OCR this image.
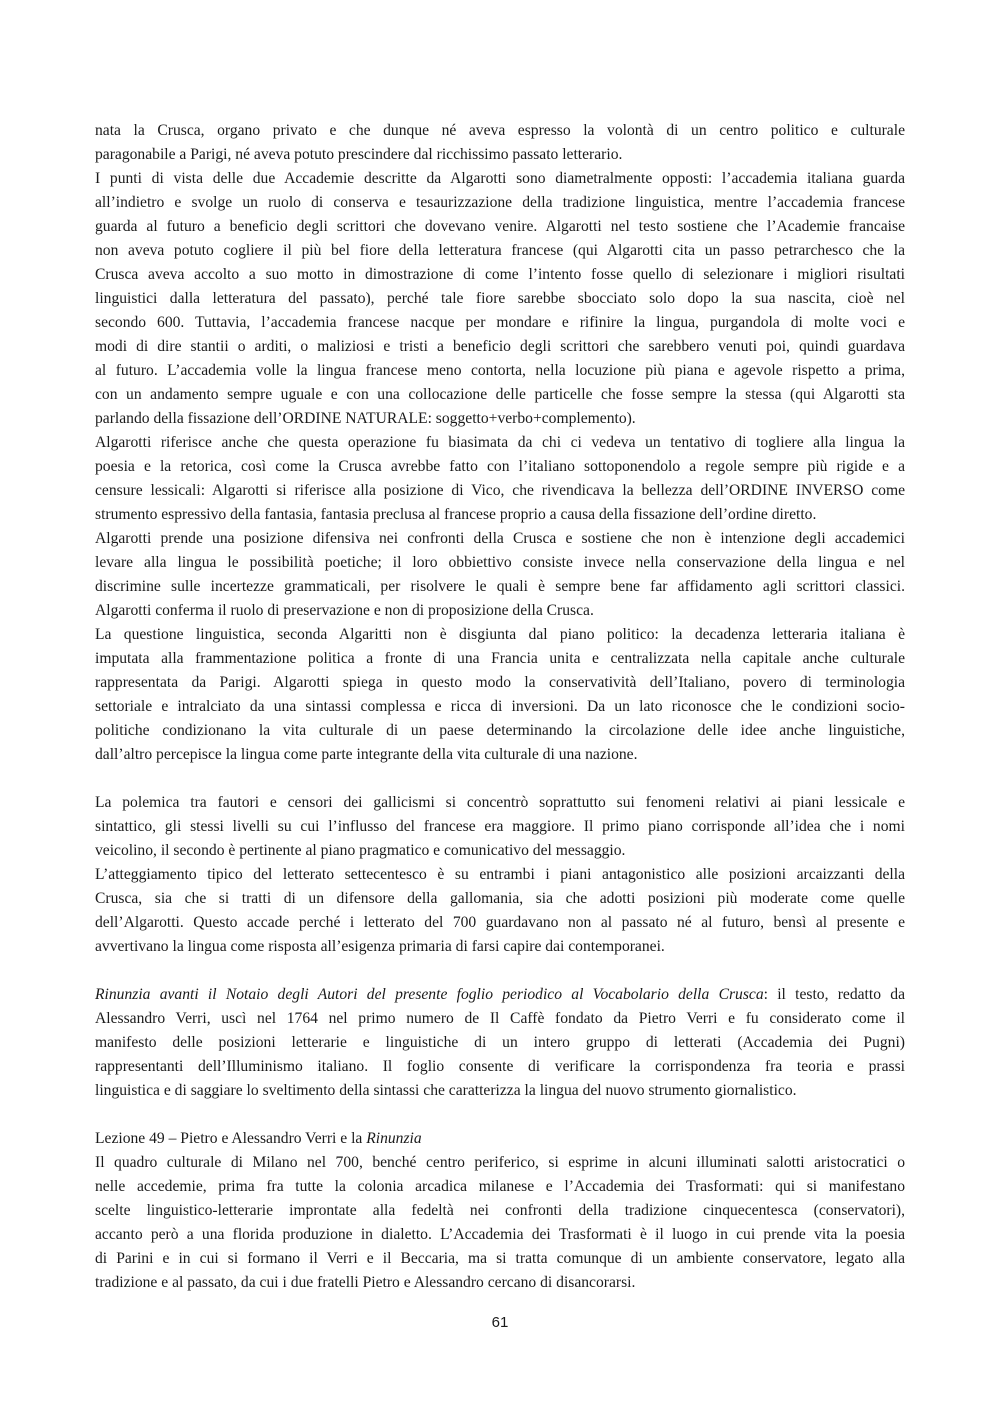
nata la Crusca, organo privato e che dunque né aveva espresso la volontà di un centro politico e culturale
paragonabile a Parigi, né aveva potuto prescindere dal ricchissimo passato letterario.
I punti di vista delle due Accademie descritte da Algarotti sono diametralmente opposti: l’accademia italiana guarda
all’indietro e svolge un ruolo di conserva e tesaurizzazione della tradizione linguistica, mentre l’accademia francese
guarda al futuro a beneficio degli scrittori che dovevano venire. Algarotti nel testo sostiene che l’Academie francaise
non aveva potuto cogliere il più bel fiore della letteratura francese (qui Algarotti cita un passo petrarchesco che la
Crusca aveva accolto a suo motto in dimostrazione di come l’intento fosse quello di selezionare i migliori risultati
linguistici dalla letteratura del passato), perché tale fiore sarebbe sbocciato solo dopo la sua nascita, cioè nel
secondo 600. Tuttavia, l’accademia francese nacque per mondare e rifinire la lingua, purgandola di molte voci e
modi di dire stantii o arditi, o maliziosi e tristi a beneficio degli scrittori che sarebbero venuti poi, quindi guardava
al futuro. L’accademia volle la lingua francese meno contorta, nella locuzione più piana e agevole rispetto a prima,
con un andamento sempre uguale e con una collocazione delle particelle che fosse sempre la stessa (qui Algarotti sta
parlando della fissazione dell’ORDINE NATURALE: soggetto+verbo+complemento).
Algarotti riferisce anche che questa operazione fu biasimata da chi ci vedeva un tentativo di togliere alla lingua la
poesia e la retorica, così come la Crusca avrebbe fatto con l’italiano sottoponendolo a regole sempre più rigide e a
censure lessicali: Algarotti si riferisce alla posizione di Vico, che rivendicava la bellezza dell’ORDINE INVERSO come
strumento espressivo della fantasia, fantasia preclusa al francese proprio a causa della fissazione dell’ordine diretto.
Algarotti prende una posizione difensiva nei confronti della Crusca e sostiene che non è intenzione degli accademici
levare alla lingua le possibilità poetiche; il loro obbiettivo consiste invece nella conservazione della lingua e nel
discrimine sulle incertezze grammaticali, per risolvere le quali è sempre bene far affidamento agli scrittori classici.
Algarotti conferma il ruolo di preservazione e non di proposizione della Crusca.
La questione linguistica, seconda Algaritti non è disgiunta dal piano politico: la decadenza letteraria italiana è
imputata alla frammentazione politica a fronte di una Francia unita e centralizzata nella capitale anche culturale
rappresentata da Parigi. Algarotti spiega in questo modo la conservatività dell’Italiano, povero di terminologia
settoriale e intralciato da una sintassi complessa e ricca di inversioni. Da un lato riconosce che le condizioni socio-
politiche condizionano la vita culturale di un paese determinando la circolazione delle idee anche linguistiche,
dall’altro percepisce la lingua come parte integrante della vita culturale di una nazione.
La polemica tra fautori e censori dei gallicismi si concentrò soprattutto sui fenomeni relativi ai piani lessicale e
sintattico, gli stessi livelli su cui l’influsso del francese era maggiore. Il primo piano corrisponde all’idea che i nomi
veicolino, il secondo è pertinente al piano pragmatico e comunicativo del messaggio.
L’atteggiamento tipico del letterato settecentesco è su entrambi i piani antagonistico alle posizioni arcaizzanti della
Crusca, sia che si tratti di un difensore della gallomania, sia che adotti posizioni più moderate come quelle
dell’Algarotti. Questo accade perché i letterato del 700 guardavano non al passato né al futuro, bensì al presente e
avvertivano la lingua come risposta all’esigenza primaria di farsi capire dai contemporanei.
Rinunzia avanti il Notaio degli Autori del presente foglio periodico al Vocabolario della Crusca: il testo, redatto da
Alessandro Verri, uscì nel 1764 nel primo numero de Il Caffè fondato da Pietro Verri e fu considerato come il
manifesto delle posizioni letterarie e linguistiche di un intero gruppo di letterati (Accademia dei Pugni)
rappresentanti dell’Illuminismo italiano. Il foglio consente di verificare la corrispondenza fra teoria e prassi
linguistica e di saggiare lo sveltimento della sintassi che caratterizza la lingua del nuovo strumento giornalistico.
Lezione 49 – Pietro e Alessandro Verri e la Rinunzia
Il quadro culturale di Milano nel 700, benché centro periferico, si esprime in alcuni illuminati salotti aristocratici o
nelle accedemie, prima fra tutte la colonia arcadica milanese e l’Accademia dei Trasformati: qui si manifestano
scelte linguistico-letterarie improntate alla fedeltà nei confronti della tradizione cinquecentesca (conservatori),
accanto però a una florida produzione in dialetto. L’Accademia dei Trasformati è il luogo in cui prende vita la poesia
di Parini e in cui si formano il Verri e il Beccaria, ma si tratta comunque di un ambiente conservatore, legato alla
tradizione e al passato, da cui i due fratelli Pietro e Alessandro cercano di disancorarsi.
61
